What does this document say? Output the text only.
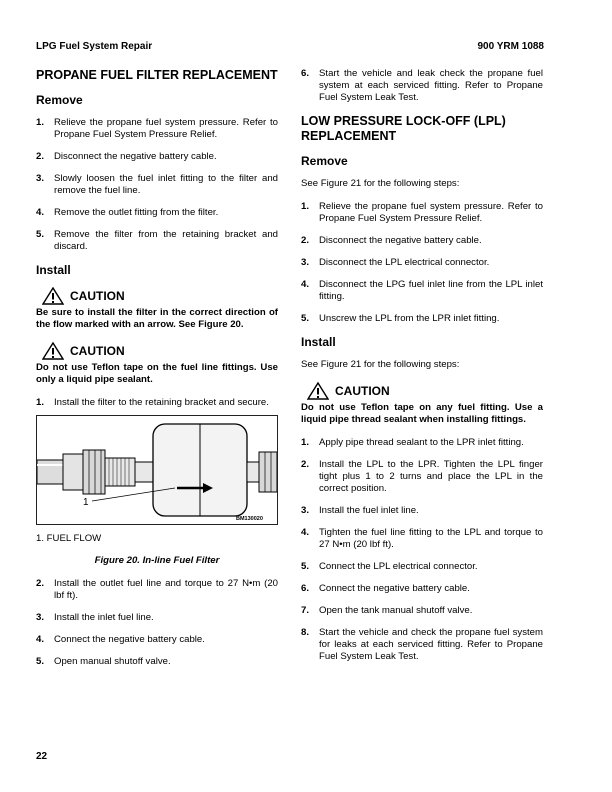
LPG Fuel System Repair	900 YRM 1088
PROPANE FUEL FILTER REPLACEMENT
Remove
1. Relieve the propane fuel system pressure. Refer to Propane Fuel System Pressure Relief.
2. Disconnect the negative battery cable.
3. Slowly loosen the fuel inlet fitting to the filter and remove the fuel line.
4. Remove the outlet fitting from the filter.
5. Remove the filter from the retaining bracket and discard.
Install
CAUTION
Be sure to install the filter in the correct direction of the flow marked with an arrow. See Figure 20.
CAUTION
Do not use Teflon tape on the fuel line fittings. Use only a liquid pipe sealant.
1. Install the filter to the retaining bracket and secure.
1
BM130020
1. FUEL FLOW
Figure 20. In-line Fuel Filter
2. Install the outlet fuel line and torque to 27 N•m (20 lbf ft).
3. Install the inlet fuel line.
4. Connect the negative battery cable.
5. Open manual shutoff valve.
6. Start the vehicle and leak check the propane fuel system at each serviced fitting. Refer to Propane Fuel System Leak Test.
LOW PRESSURE LOCK-OFF (LPL) REPLACEMENT
Remove

See Figure 21 for the following steps:

1. Relieve the propane fuel system pressure. Refer to Propane Fuel System Pressure Relief.
2. Disconnect the negative battery cable.
3. Disconnect the LPL electrical connector.
4. Disconnect the LPG fuel inlet line from the LPL inlet fitting.
5. Unscrew the LPL from the LPR inlet fitting.
Install

See Figure 21 for the following steps:

CAUTION
Do not use Teflon tape on any fuel fitting. Use a liquid pipe thread sealant when installing fittings.
1. Apply pipe thread sealant to the LPR inlet fitting.
2. Install the LPL to the LPR. Tighten the LPL finger tight plus 1 to 2 turns and place the LPL in the correct position.
3. Install the fuel inlet line.
4. Tighten the fuel line fitting to the LPL and torque to 27 N•m (20 lbf ft).
5. Connect the LPL electrical connector.
6. Connect the negative battery cable.
7. Open the tank manual shutoff valve.
8. Start the vehicle and check the propane fuel system for leaks at each serviced fitting. Refer to Propane Fuel System Leak Test.
22
